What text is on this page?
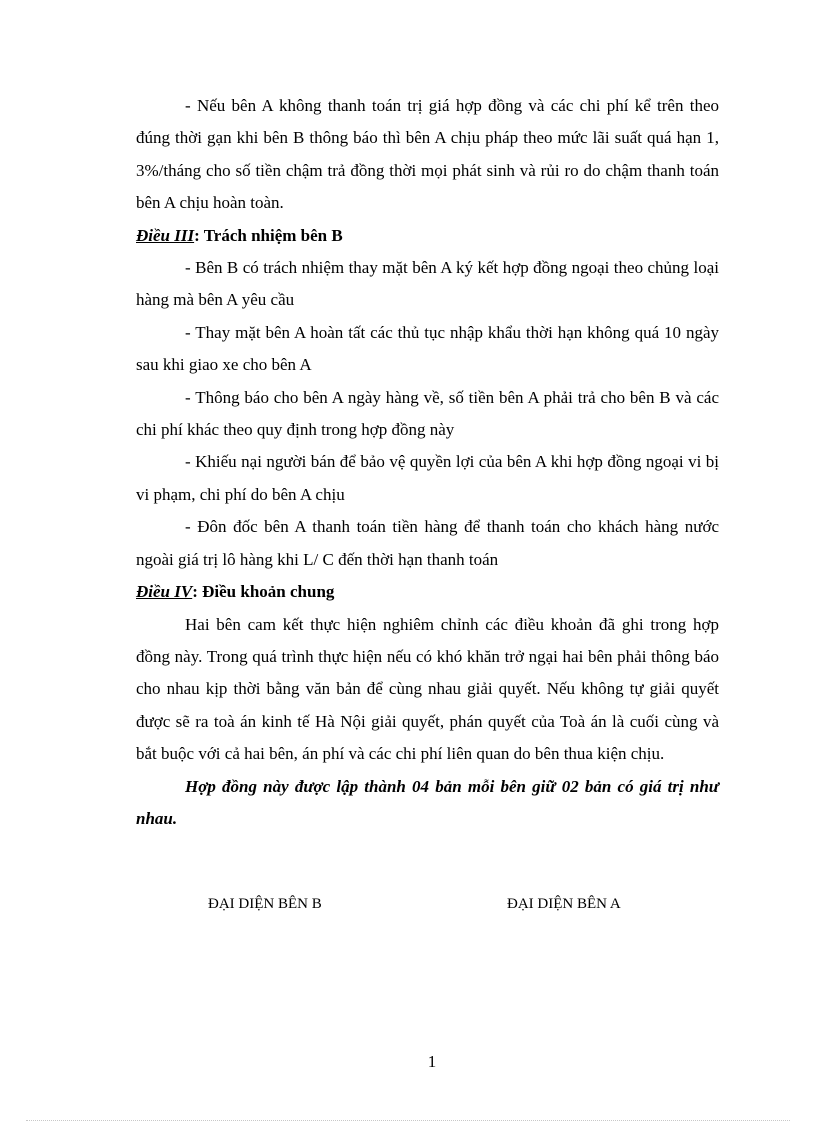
- Nếu bên A không thanh toán trị giá hợp đồng và các chi phí kể trên theo đúng thời gạn khi bên B thông báo thì bên A chịu pháp theo mức lãi suất quá hạn 1, 3%/tháng cho số tiền chậm trả đồng thời mọi phát sinh và rủi ro do chậm thanh toán bên A chịu hoàn toàn.

Điều III: Trách nhiệm bên B

- Bên B có trách nhiệm thay mặt bên A ký kết hợp đồng ngoại theo chủng loại hàng mà bên A yêu cầu

- Thay mặt bên A hoàn tất các thủ tục nhập khẩu thời hạn không quá 10 ngày sau khi giao xe cho bên A

- Thông báo cho bên A ngày hàng về, số tiền bên A phải trả cho bên B và các chi phí khác theo quy định trong hợp đồng này

- Khiếu nại người bán để bảo vệ quyền lợi của bên A khi hợp đồng ngoại vi bị vi phạm, chi phí do bên A chịu

- Đôn đốc bên A thanh toán tiền hàng để thanh toán cho khách hàng nước ngoài giá trị lô hàng khi L/ C đến thời hạn thanh toán

Điều IV: Điều khoản chung

Hai bên cam kết thực hiện nghiêm chỉnh các điều khoản đã ghi trong hợp đồng này. Trong quá trình thực hiện nếu có khó khăn trở ngại hai bên phải thông báo cho nhau kịp thời bằng văn bản để cùng nhau giải quyết. Nếu không tự giải quyết được sẽ ra toà án kinh tế Hà Nội giải quyết, phán quyết của Toà án là cuối cùng và bắt buộc với cả hai bên, án phí và các chi phí liên quan do bên thua kiện chịu.

Hợp đồng này được lập thành 04 bản mỗi bên giữ 02 bản có giá trị như nhau.

ĐẠI DIỆN BÊN B	ĐẠI DIỆN BÊN A
1
